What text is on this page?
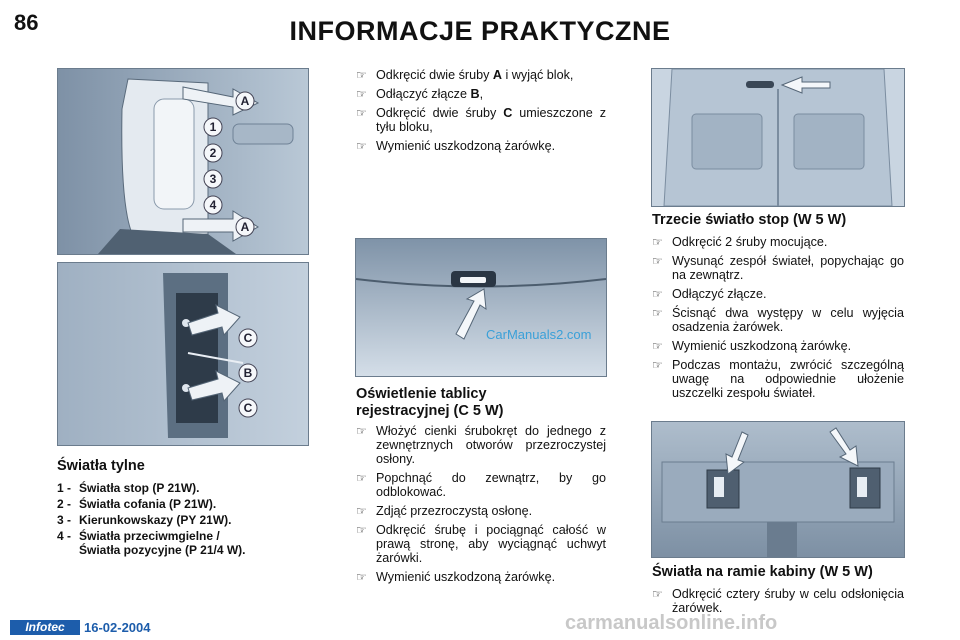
86	INFORMACJE PRAKTYCZNE
A
1
2
3
4
A
C
B
C
Światła tylne
1 - Światła stop (P 21W).
2 - Światła cofania (P 21W).
3 - Kierunkowskazy (PY 21W).
4 - Światła przeciwmgielne /
Światła pozycyjne (P 21/4 W).
☞ Odkręcić dwie śruby A i wyjąć blok,
☞ Odłączyć złącze B,
☞ Odkręcić dwie śruby C umieszczone z tyłu bloku,
☞ Wymienić uszkodzoną żarówkę.
CarManuals2.com
Oświetlenie tablicy
rejestracyjnej (C 5 W)
☞ Włożyć cienki śrubokręt do jednego z zewnętrznych otworów przezroczystej osłony.
☞ Popchnąć do zewnątrz, by go odblokować.
☞ Zdjąć przezroczystą osłonę.
☞ Odkręcić śrubę i pociągnąć całość w prawą stronę, aby wyciągnąć uchwyt żarówki.
☞ Wymienić uszkodzoną żarówkę.
Trzecie światło stop (W 5 W)
☞ Odkręcić 2 śruby mocujące.
☞ Wysunąć zespół świateł, popychając go na zewnątrz.
☞ Odłączyć złącze.
☞ Ścisnąć dwa występy w celu wyjęcia osadzenia żarówek.
☞ Wymienić uszkodzoną żarówkę.
☞ Podczas montażu, zwrócić szczególną uwagę na odpowiednie ułożenie uszczelki zespołu świateł.
Światła na ramie kabiny (W 5 W)
☞ Odkręcić cztery śruby w celu odsłonięcia żarówek.
Infotec	16-02-2004	carmanualsonline.info
